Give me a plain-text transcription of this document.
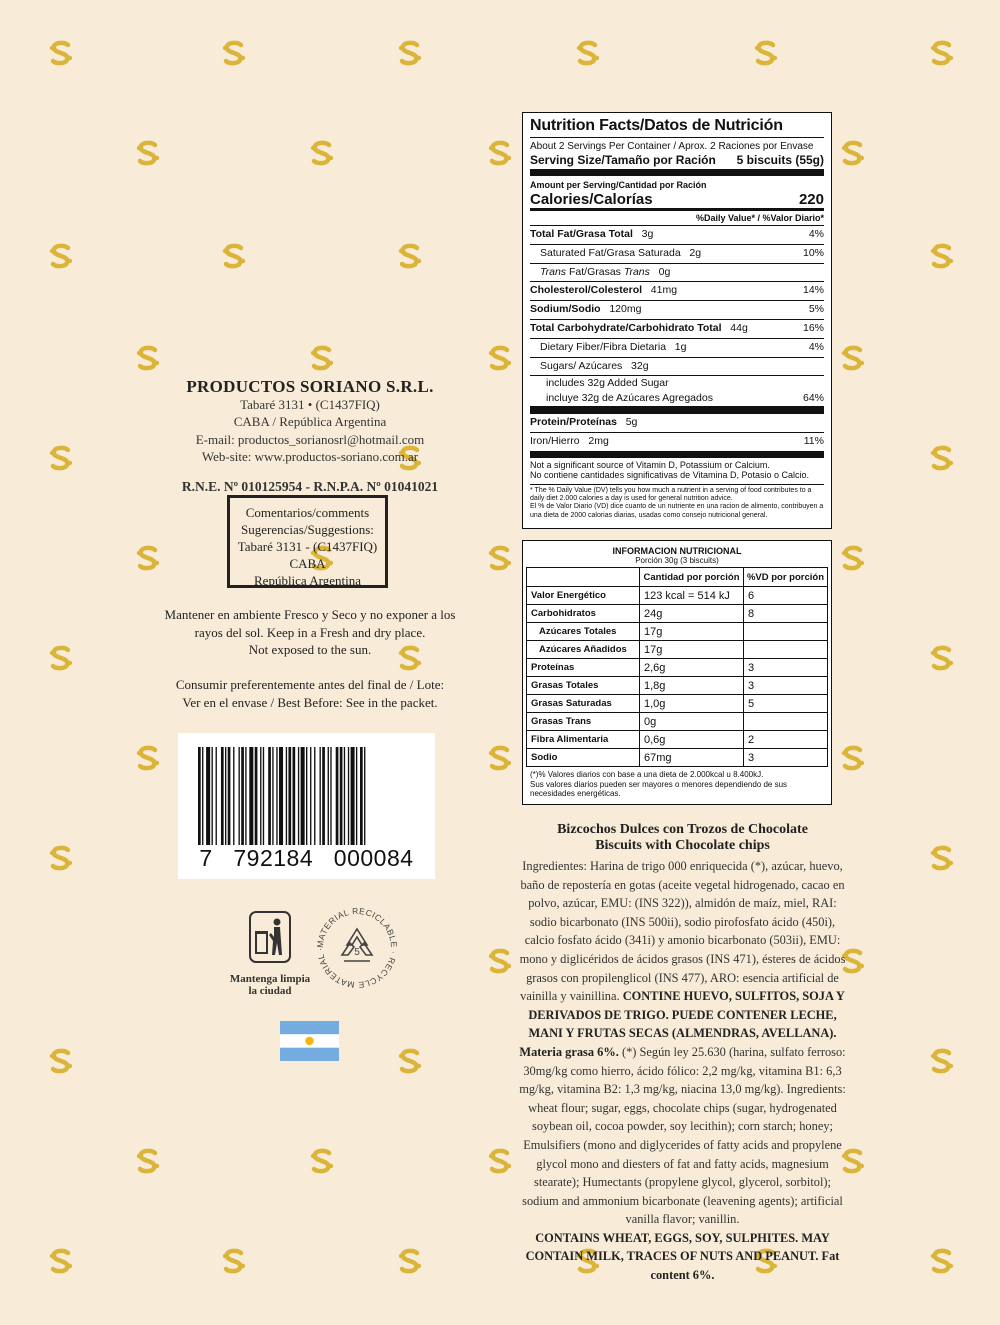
PRODUCTOS SORIANO S.R.L.
Tabaré 3131 • (C1437FIQ)
CABA / República Argentina
E-mail: productos_sorianosrl@hotmail.com
Web-site: www.productos-soriano.com.ar
R.N.E. Nº 010125954 - R.N.P.A. Nº 01041021
Comentarios/comments
Sugerencias/Suggestions:
Tabaré 3131 - (C1437FIQ)
CABA
República Argentina
Mantener en ambiente Fresco y Seco y no exponer a los
rayos del sol. Keep in a Fresh and dry place.
Not exposed to the sun.
Consumir preferentemente antes del final de / Lote:
Ver en el envase / Best Before: See in the packet.
7   792184   000084
Mantenga limpia
la ciudad
MATERIAL RECICLABLE · RECYCLE MATERIAL ·	5
Nutrition Facts/Datos de Nutrición
About 2 Servings Per Container / Aprox. 2 Raciones por Envase
Serving Size/Tamaño por Ración 5 biscuits (55g)
Amount per Serving/Cantidad por Ración
Calories/Calorías	220
%Daily Value* / %Valor Diario*
Total Fat/Grasa Total   3g	4%
Saturated Fat/Grasa Saturada   2g	10%
Trans Fat/Grasas Trans   0g
Cholesterol/Colesterol   41mg	14%
Sodium/Sodio   120mg	5%
Total Carbohydrate/Carbohidrato Total   44g	16%
Dietary Fiber/Fibra Dietaria   1g	4%
Sugars/ Azúcares   32g
includes 32g Added Sugar
incluye 32g de Azúcares Agregados	64%
Protein/Proteínas   5g
Iron/Hierro   2mg	11%
Not a significant source of Vitamin D, Potassium or Calcium.
No contiene cantidades significativas de Vitamina D, Potasio o Calcio.
* The % Daily Value (DV) tells you how much a nutrient in a serving of food contributes to a daily diet 2.000 calories a day is used for general nutrition advice.
El % de Valor Diario (VD) dice cuanto de un nutriente en una racion de alimento, contribuyen a una dieta de 2000 calorias diarias, usadas como consejo nutricional general.
INFORMACION NUTRICIONAL
Porción 30g (3 biscuits)
	Cantidad por porción	%VD por porción
Valor Energético	123 kcal = 514 kJ	6
Carbohidratos	24g	8
Azúcares Totales	17g	
Azúcares Añadidos	17g	
Proteínas	2,6g	3
Grasas Totales	1,8g	3
Grasas Saturadas	1,0g	5
Grasas Trans	0g	
Fibra Alimentaria	0,6g	2
Sodio	67mg	3
(*)% Valores diarios con base a una dieta de 2.000kcal u 8.400kJ.
Sus valores diarios pueden ser mayores o menores dependiendo de sus necesidades energéticas.
Bizcochos Dulces con Trozos de Chocolate
Biscuits with Chocolate chips
Ingredientes: Harina de trigo 000 enriquecida (*), azúcar, huevo, baño de repostería en gotas (aceite vegetal hidrogenado, cacao en polvo, azúcar, EMU: (INS 322)), almidón de maíz, miel, RAI: sodio bicarbonato (INS 500ii), sodio pirofosfato ácido (450i), calcio fosfato ácido (341i) y amonio bicarbonato (503ii), EMU: mono y diglicéridos de ácidos grasos (INS 471), ésteres de ácidos grasos con propilenglicol (INS 477), ARO: esencia artificial de vainilla y vainillina. CONTINE HUEVO, SULFITOS, SOJA Y DERIVADOS DE TRIGO. PUEDE CONTENER LECHE, MANI Y FRUTAS SECAS (ALMENDRAS, AVELLANA). Materia grasa 6%. (*) Según ley 25.630 (harina, sulfato ferroso: 30mg/kg como hierro, ácido fólico: 2,2 mg/kg, vitamina B1: 6,3 mg/kg, vitamina B2: 1,3 mg/kg, niacina 13,0 mg/kg). Ingredients: wheat flour; sugar, eggs, chocolate chips (sugar, hydrogenated soybean oil, cocoa powder, soy lecithin); corn starch; honey; Emulsifiers (mono and diglycerides of fatty acids and propylene glycol mono and diesters of fat and fatty acids, magnesium stearate); Humectants (propylene glycol, glycerol, sorbitol); sodium and ammonium bicarbonate (leavening agents); artificial vanilla flavor; vanillin.
CONTAINS WHEAT, EGGS, SOY, SULPHITES. MAY CONTAIN MILK, TRACES OF NUTS AND PEANUT. Fat content 6%.
